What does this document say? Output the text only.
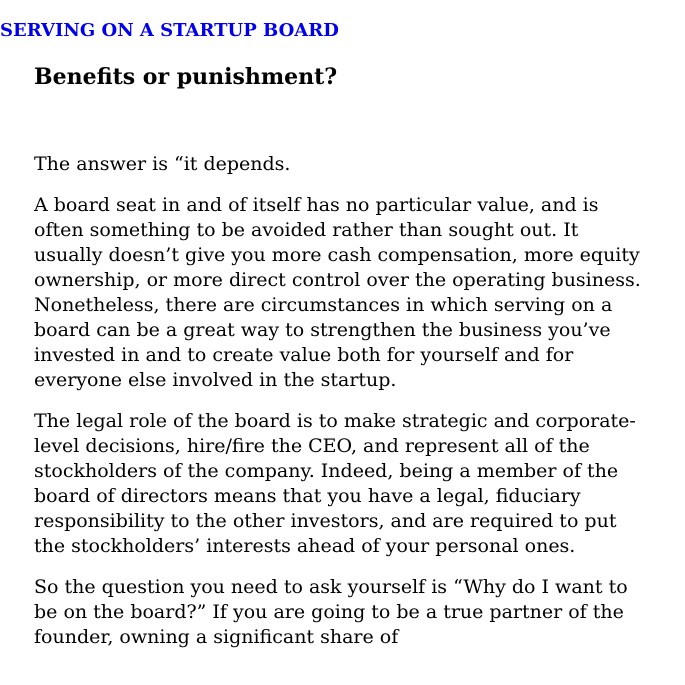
SERVING ON A STARTUP BOARD
Benefits or punishment?

The answer is “it depends.

A board seat in and of itself has no particular value, and is often something to be avoided rather than sought out. It usually doesn’t give you more cash compensation, more equity ownership, or more direct control over the operating business. Nonetheless, there are circumstances in which serving on a board can be a great way to strengthen the business you’ve invested in and to create value both for yourself and for everyone else involved in the startup.

The legal role of the board is to make strategic and corporate-level decisions, hire/fire the CEO, and represent all of the stockholders of the company. Indeed, being a member of the board of directors means that you have a legal, fiduciary responsibility to the other investors, and are required to put the stockholders’ interests ahead of your personal ones.

So the question you need to ask yourself is “Why do I want to be on the board?” If you are going to be a true partner of the founder, owning a significant share of
